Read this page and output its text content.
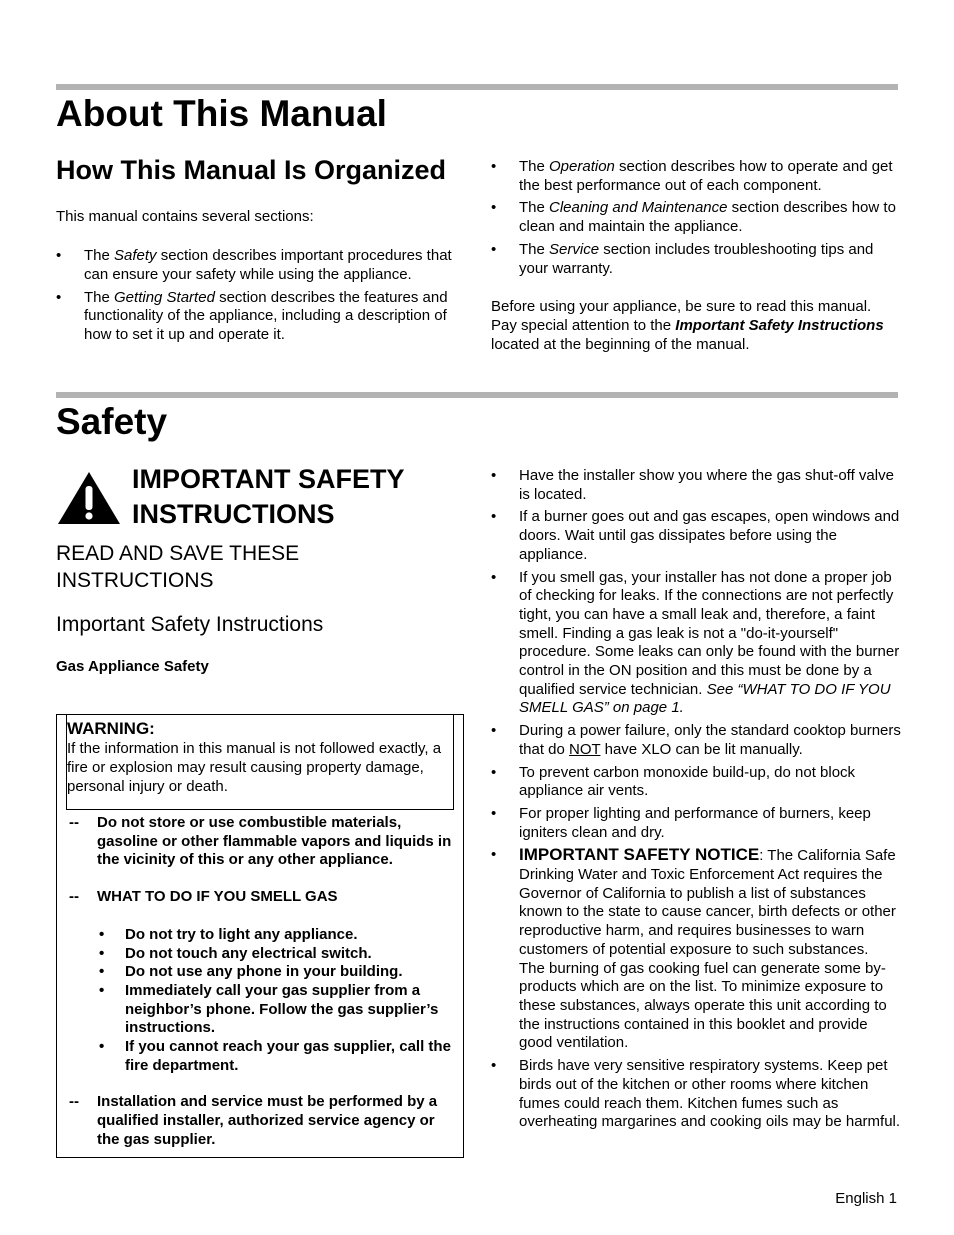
About This Manual
How This Manual Is Organized

This manual contains several sections:

• The Safety section describes important procedures that can ensure your safety while using the appliance.
• The Getting Started section describes the features and functionality of the appliance, including a description of how to set it up and operate it.
• The Operation section describes how to operate and get the best performance out of each component.
• The Cleaning and Maintenance section describes how to clean and maintain the appliance.
• The Service section includes troubleshooting tips and your warranty.

Before using your appliance, be sure to read this manual. Pay special attention to the Important Safety Instructions located at the beginning of the manual.

Safety
IMPORTANT SAFETY INSTRUCTIONS
READ AND SAVE THESE INSTRUCTIONS
Important Safety Instructions
Gas Appliance Safety
WARNING:
If the information in this manual is not followed exactly, a fire or explosion may result causing property damage, personal injury or death.
-- Do not store or use combustible materials, gasoline or other flammable vapors and liquids in the vicinity of this or any other appliance.
-- WHAT TO DO IF YOU SMELL GAS
• Do not try to light any appliance.
• Do not touch any electrical switch.
• Do not use any phone in your building.
• Immediately call your gas supplier from a neighbor’s phone. Follow the gas supplier’s instructions.
• If you cannot reach your gas supplier, call the fire department.
-- Installation and service must be performed by a qualified installer, authorized service agency or the gas supplier.
• Have the installer show you where the gas shut-off valve is located.
• If a burner goes out and gas escapes, open windows and doors. Wait until gas dissipates before using the appliance.
• If you smell gas, your installer has not done a proper job of checking for leaks. If the connections are not perfectly tight, you can have a small leak and, therefore, a faint smell. Finding a gas leak is not a "do-it-yourself" procedure. Some leaks can only be found with the burner control in the ON position and this must be done by a qualified service technician. See “WHAT TO DO IF YOU SMELL GAS” on page 1.
• During a power failure, only the standard cooktop burners that do NOT have XLO can be lit manually.
• To prevent carbon monoxide build-up, do not block appliance air vents.
• For proper lighting and performance of burners, keep igniters clean and dry.
• IMPORTANT SAFETY NOTICE: The California Safe Drinking Water and Toxic Enforcement Act requires the Governor of California to publish a list of substances known to the state to cause cancer, birth defects or other reproductive harm, and requires businesses to warn customers of potential exposure to such substances.
The burning of gas cooking fuel can generate some by-products which are on the list. To minimize exposure to these substances, always operate this unit according to the instructions contained in this booklet and provide good ventilation.
• Birds have very sensitive respiratory systems. Keep pet birds out of the kitchen or other rooms where kitchen fumes could reach them. Kitchen fumes such as overheating margarines and cooking oils may be harmful.
English 1
